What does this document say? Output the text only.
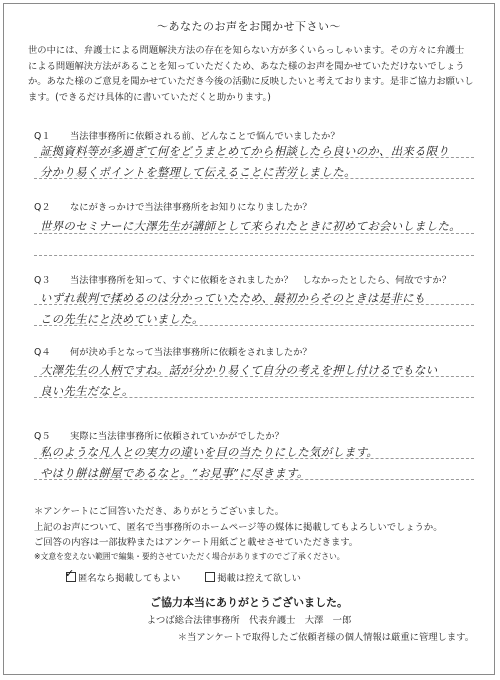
～あなたのお声をお聞かせ下さい～

世の中には、弁護士による問題解決方法の存在を知らない方が多くいらっしゃいます。その方々に弁護士

による問題解決方法があることを知っていただくため、あなた様のお声を聞かせていただけないでしょう

か。あなた様のご意見を聞かせていただき今後の活動に反映したいと考えております。是非ご協力お願いし

ます。(できるだけ具体的に書いていただくと助かります。)

Q１ 当法律事務所に依頼される前、どんなことで悩んでいましたか？
証拠資料等が多過ぎて何をどうまとめてから相談したら良いのか、出来る限り
分かり易くポイントを整理して伝えることに苦労しました。
Q２ なにがきっかけで当法律事務所をお知りになりましたか？
世界のセミナーに大澤先生が講師として来られたときに初めてお会いしました。
Q３ 当法律事務所を知って、すぐに依頼をされましたか？　しなかったとしたら、何故ですか？
いずれ裁判で揉めるのは分かっていたため、最初からそのときは是非にも
この先生にと決めていました。
Q４ 何が決め手となって当法律事務所に依頼をされましたか？
大澤先生の人柄ですね。話が分かり易くて自分の考えを押し付けるでもない
良い先生だなと。
Q５ 実際に当法律事務所に依頼されていかがでしたか？
私のような凡人との実力の違いを目の当たりにした気がします。
やはり餅は餅屋であるなと。“お見事”に尽きます。
＊アンケートにご回答いただき、ありがとうございました。
上記のお声について、匿名で当事務所のホームページ等の媒体に掲載してもよろしいでしょうか。
ご回答の内容は一部抜粋またはアンケート用紙ごと載せさせていただきます。
※文意を変えない範囲で編集・要約させていただく場合がありますのでご了承ください。
✓匿名なら掲載してもよい	掲載は控えて欲しい
ご協力本当にありがとうございました。
よつば総合法律事務所　代表弁護士　大澤　一郎
＊当アンケートで取得したご依頼者様の個人情報は厳重に管理します。
